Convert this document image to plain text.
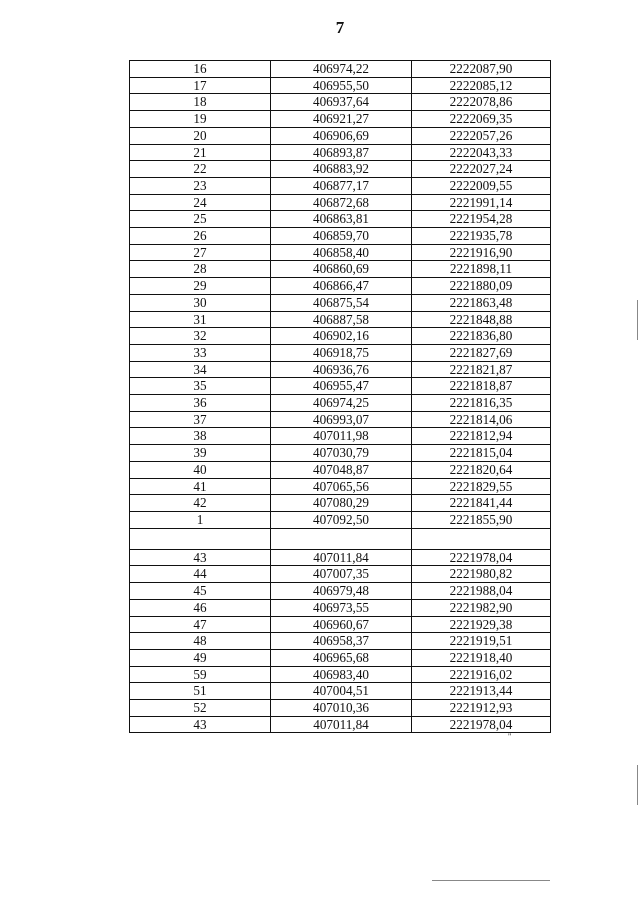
7
16	406974,22	2222087,90
17	406955,50	2222085,12
18	406937,64	2222078,86
19	406921,27	2222069,35
20	406906,69	2222057,26
21	406893,87	2222043,33
22	406883,92	2222027,24
23	406877,17	2222009,55
24	406872,68	2221991,14
25	406863,81	2221954,28
26	406859,70	2221935,78
27	406858,40	2221916,90
28	406860,69	2221898,11
29	406866,47	2221880,09
30	406875,54	2221863,48
31	406887,58	2221848,88
32	406902,16	2221836,80
33	406918,75	2221827,69
34	406936,76	2221821,87
35	406955,47	2221818,87
36	406974,25	2221816,35
37	406993,07	2221814,06
38	407011,98	2221812,94
39	407030,79	2221815,04
40	407048,87	2221820,64
41	407065,56	2221829,55
42	407080,29	2221841,44
1	407092,50	2221855,90

43	407011,84	2221978,04
44	407007,35	2221980,82
45	406979,48	2221988,04
46	406973,55	2221982,90
47	406960,67	2221929,38
48	406958,37	2221919,51
49	406965,68	2221918,40
59	406983,40	2221916,02
51	407004,51	2221913,44
52	407010,36	2221912,93
43	407011,84	2221978,04
"
